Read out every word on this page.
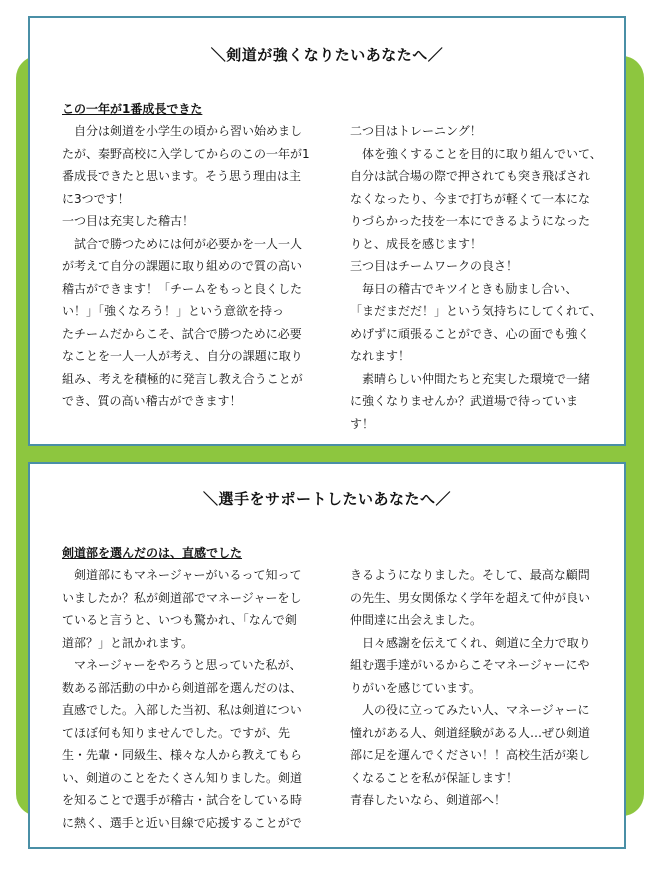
＼剣道が強くなりたいあなたへ／
この一年が1番成長できた
　自分は剣道を小学生の頃から習い始めまし
たが、秦野高校に入学してからのこの一年が1
番成長できたと思います。そう思う理由は主
に3つです！
一つ目は充実した稽古！
　試合で勝つためには何が必要かを一人一人
が考えて自分の課題に取り組めので質の高い
稽古ができます！「チームをもっと良くした
い！」「強くなろう！」という意欲を持っ
たチームだからこそ、試合で勝つために必要
なことを一人一人が考え、自分の課題に取り
組み、考えを積極的に発言し教え合うことが
でき、質の高い稽古ができます！
二つ目はトレーニング！
　体を強くすることを目的に取り組んでいて、
自分は試合場の際で押されても突き飛ばされ
なくなったり、今まで打ちが軽くて一本にな
りづらかった技を一本にできるようになった
りと、成長を感じます！
三つ目はチームワークの良さ！
　毎日の稽古でキツイときも励まし合い、
「まだまだだ！」という気持ちにしてくれて、
めげずに頑張ることができ、心の面でも強く
なれます！
　素晴らしい仲間たちと充実した環境で一緒
に強くなりませんか？武道場で待っていま
す！
＼選手をサポートしたいあなたへ／
剣道部を選んだのは、直感でした
　剣道部にもマネージャーがいるって知って
いましたか？私が剣道部でマネージャーをし
ていると言うと、いつも驚かれ、「なんで剣
道部？」と訊かれます。
　マネージャーをやろうと思っていた私が、
数ある部活動の中から剣道部を選んだのは、
直感でした。入部した当初、私は剣道につい
てほぼ何も知りませんでした。ですが、先
生・先輩・同級生、様々な人から教えてもら
い、剣道のことをたくさん知りました。剣道
を知ることで選手が稽古・試合をしている時
に熱く、選手と近い目線で応援することがで
きるようになりました。そして、最高な顧問
の先生、男女関係なく学年を超えて仲が良い
仲間達に出会えました。
　日々感謝を伝えてくれ、剣道に全力で取り
組む選手達がいるからこそマネージャーにや
りがいを感じています。
　人の役に立ってみたい人、マネージャーに
憧れがある人、剣道経験がある人…ぜひ剣道
部に足を運んでください！！高校生活が楽し
くなることを私が保証します！
青春したいなら、剣道部へ！
